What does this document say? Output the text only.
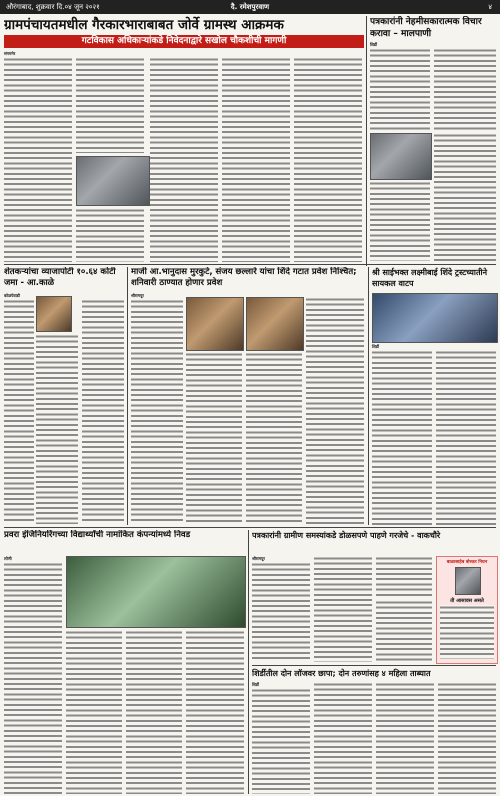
औरंगाबाद, शुक्रवार दि.०४ जून २०२१	दै. रमेशपुरवाण	४
ग्रामपंचायतमधील गैरकारभाराबाबत जोर्वे ग्रामस्थ आक्रमक
गटविकास अधिकाऱ्यांकडे निवेदनाद्वारे सखोल चौकशीची मागणी
संगमनेर
पत्रकारांनी नेहमीसकारात्मक विचार करावा – मालपाणी
शिर्डी
शेतकऱ्यांचा व्याजापोटी १०.६४ कोटी जमा - आ.काळे
कोळपेवाडी
माजी आ.भानुदास मुरकुटे, संजय छल्लारे यांचा शिंदे गटात प्रवेश निश्चित; शनिवारी ठाण्यात होणार प्रवेश
श्रीरामपूर
श्री साईभक्त लक्ष्मीबाई शिंदे ट्रस्टच्यातीने सायकल वाटप
शिर्डी
प्रवरा इंजिनियरिंगच्या विद्यार्थ्यांची नामांकित कंपन्यांमध्ये निवड
लोणी
पत्रकारांनी ग्रामीण समस्यांकडे डोळसपणे पाहणे गरजेचे - वाकचौरे
श्रीरामपूर
बाळासाहेब बोरकर निधन
ती आसावस असते
शिर्डीतील दोन लॉजवर छापा; दोन तरुणांसह ४ महिला ताब्यात
शिर्डी
